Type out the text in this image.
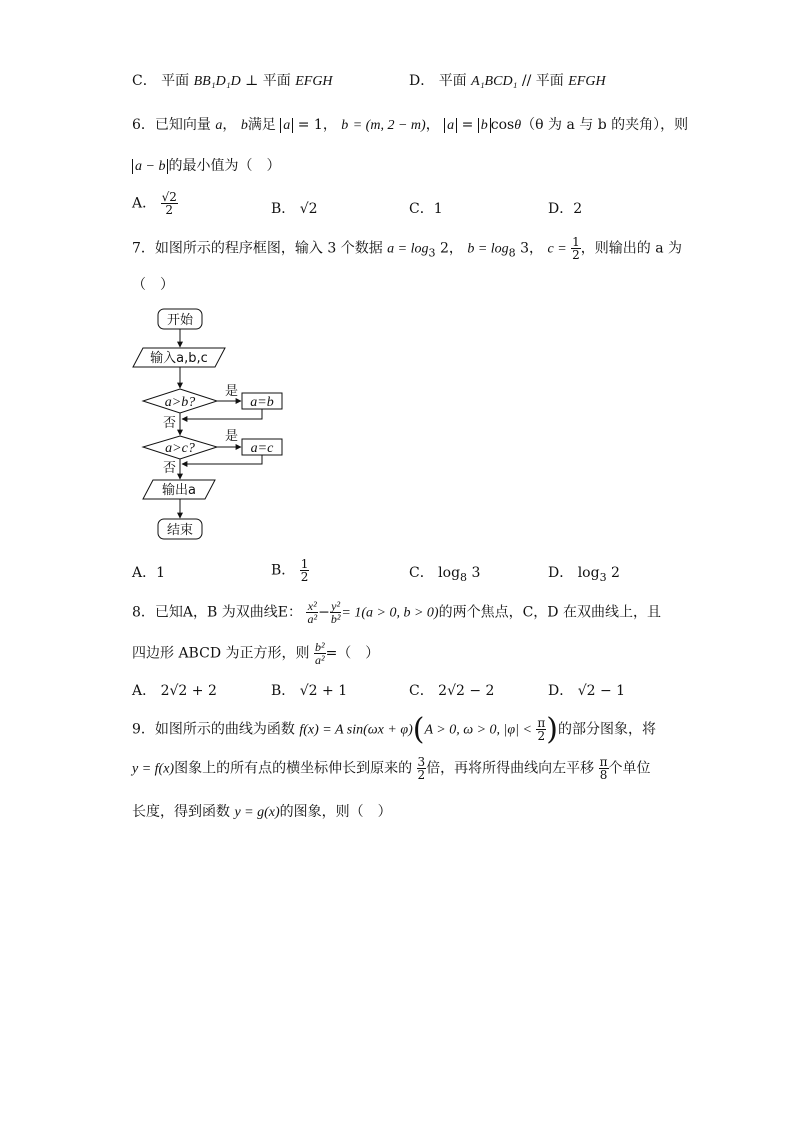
C． 平面 BB₁D₁D ⊥ 平面 EFGH	D． 平面 A₁BCD₁ // 平面 EFGH
6．已知向量 a， b满足 a = 1， b = (m, 2 − m)， a = b cosθ（θ 为 a 与 b 的夹角），则
a − b 的最小值为（　）
A． $\frac{√2}{2}$	B． √2	C．1	D．2
7．如图所示的程序框图，输入 3 个数据 $a = \log_3 2$， $b = \log_8 3$， $c = \frac{1}{2}$ ，则输出的 a 为
（　）
开始
输入a,b,c
a>b?
是
a=b
否
a>c?
是
a=c
否
输出a
结束
A．1	B． $\frac{1}{2}$	C． $\log_8 3$	D． $\log_3 2$
8．已知A，B 为双曲线E： $\frac{\text{x²}}{\text{a²}} - \frac{\text{y²}}{\text{b²}} = 1(a > 0$, b > 0)的两个焦点，C，D 在双曲线上，且
四边形 ABCD 为正方形，则 $\frac{\text{b²}}{\text{a²}}$ =（　）
A． 2√2 + 2	B． √2 + 1	C． 2√2 − 2	D． √2 − 1
9．如图所示的曲线为函数 f(x) = A sin(ωx + φ)(A > 0, ω > 0, $|\varphi| < \frac{\pi}{2}$ )的部分图象，将
y = f(x)图象上的所有点的横坐标伸长到原来的 $\frac{3}{2}$ 倍，再将所得曲线向左平移 $\frac{\pi}{8}$ 个单位
长度，得到函数 y = g(x)的图象，则（　）
